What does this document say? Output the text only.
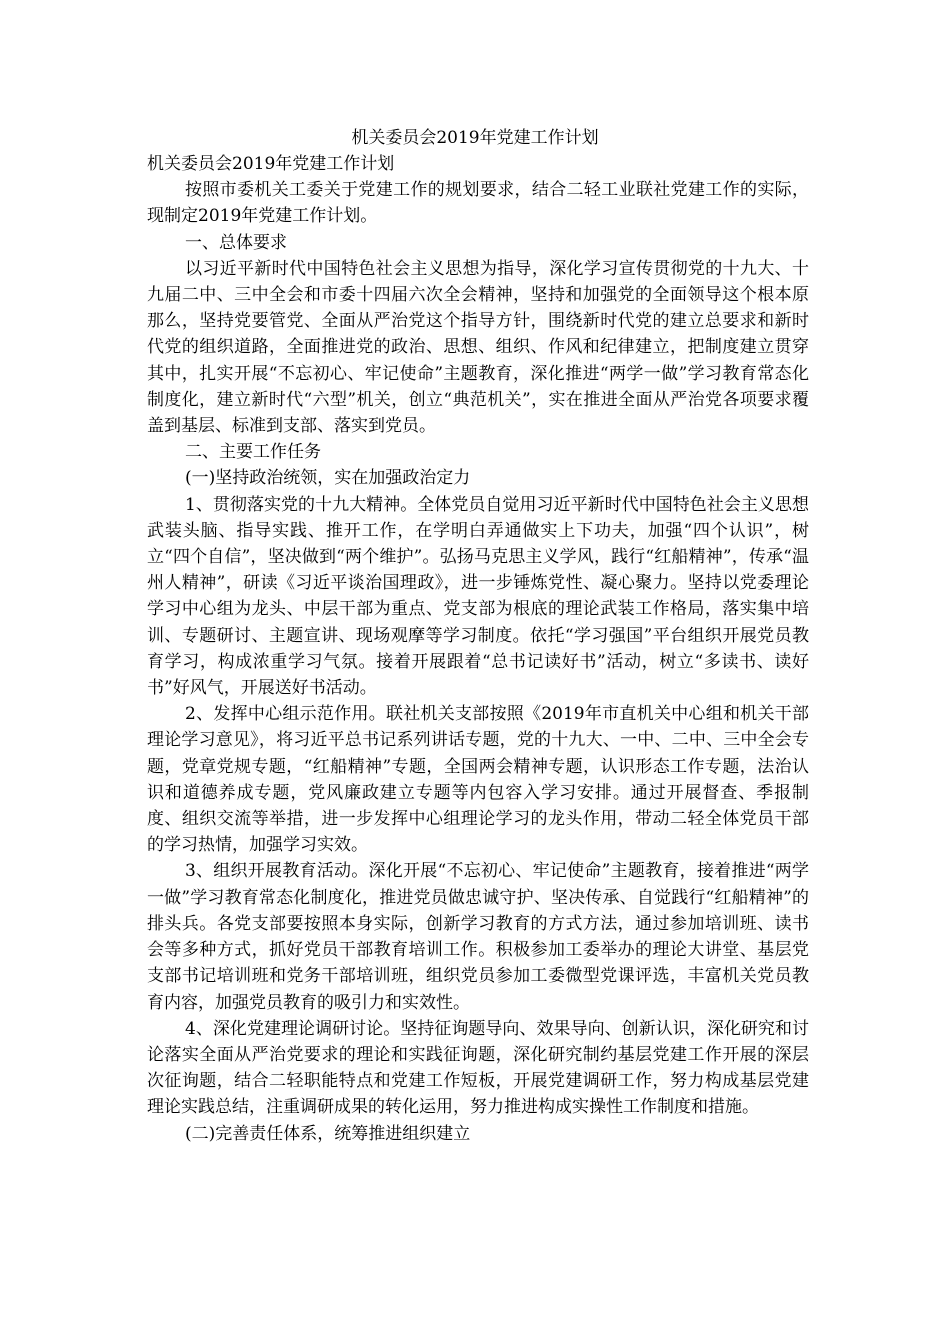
机关委员会2019年党建工作计划

机关委员会2019年党建工作计划

按照市委机关工委关于党建工作的规划要求，结合二轻工业联社党建工作的实际，现制定2019年党建工作计划。

一、总体要求

以习近平新时代中国特色社会主义思想为指导，深化学习宣传贯彻党的十九大、十九届二中、三中全会和市委十四届六次全会精神，坚持和加强党的全面领导这个根本原那么，坚持党要管党、全面从严治党这个指导方针，围绕新时代党的建立总要求和新时代党的组织道路，全面推进党的政治、思想、组织、作风和纪律建立，把制度建立贯穿其中，扎实开展“不忘初心、牢记使命”主题教育，深化推进“两学一做”学习教育常态化制度化，建立新时代“六型”机关，创立“典范机关”，实在推进全面从严治党各项要求覆盖到基层、标准到支部、落实到党员。

二、主要工作任务

(一)坚持政治统领，实在加强政治定力

1、贯彻落实党的十九大精神。全体党员自觉用习近平新时代中国特色社会主义思想武装头脑、指导实践、推开工作，在学明白弄通做实上下功夫，加强“四个认识”，树立“四个自信”，坚决做到“两个维护”。弘扬马克思主义学风，践行“红船精神”，传承“温州人精神”，研读《习近平谈治国理政》，进一步锤炼党性、凝心聚力。坚持以党委理论学习中心组为龙头、中层干部为重点、党支部为根底的理论武装工作格局，落实集中培训、专题研讨、主题宣讲、现场观摩等学习制度。依托“学习强国”平台组织开展党员教育学习，构成浓重学习气氛。接着开展跟着“总书记读好书”活动，树立“多读书、读好书”好风气，开展送好书活动。

2、发挥中心组示范作用。联社机关支部按照《2019年市直机关中心组和机关干部理论学习意见》，将习近平总书记系列讲话专题，党的十九大、一中、二中、三中全会专题，党章党规专题，“红船精神”专题，全国两会精神专题，认识形态工作专题，法治认识和道德养成专题，党风廉政建立专题等内包容入学习安排。通过开展督查、季报制度、组织交流等举措，进一步发挥中心组理论学习的龙头作用，带动二轻全体党员干部的学习热情，加强学习实效。

3、组织开展教育活动。深化开展“不忘初心、牢记使命”主题教育，接着推进“两学一做”学习教育常态化制度化，推进党员做忠诚守护、坚决传承、自觉践行“红船精神”的排头兵。各党支部要按照本身实际，创新学习教育的方式方法，通过参加培训班、读书会等多种方式，抓好党员干部教育培训工作。积极参加工委举办的理论大讲堂、基层党支部书记培训班和党务干部培训班，组织党员参加工委微型党课评选，丰富机关党员教育内容，加强党员教育的吸引力和实效性。

4、深化党建理论调研讨论。坚持征询题导向、效果导向、创新认识，深化研究和讨论落实全面从严治党要求的理论和实践征询题，深化研究制约基层党建工作开展的深层次征询题，结合二轻职能特点和党建工作短板，开展党建调研工作，努力构成基层党建理论实践总结，注重调研成果的转化运用，努力推进构成实操性工作制度和措施。

(二)完善责任体系，统筹推进组织建立
